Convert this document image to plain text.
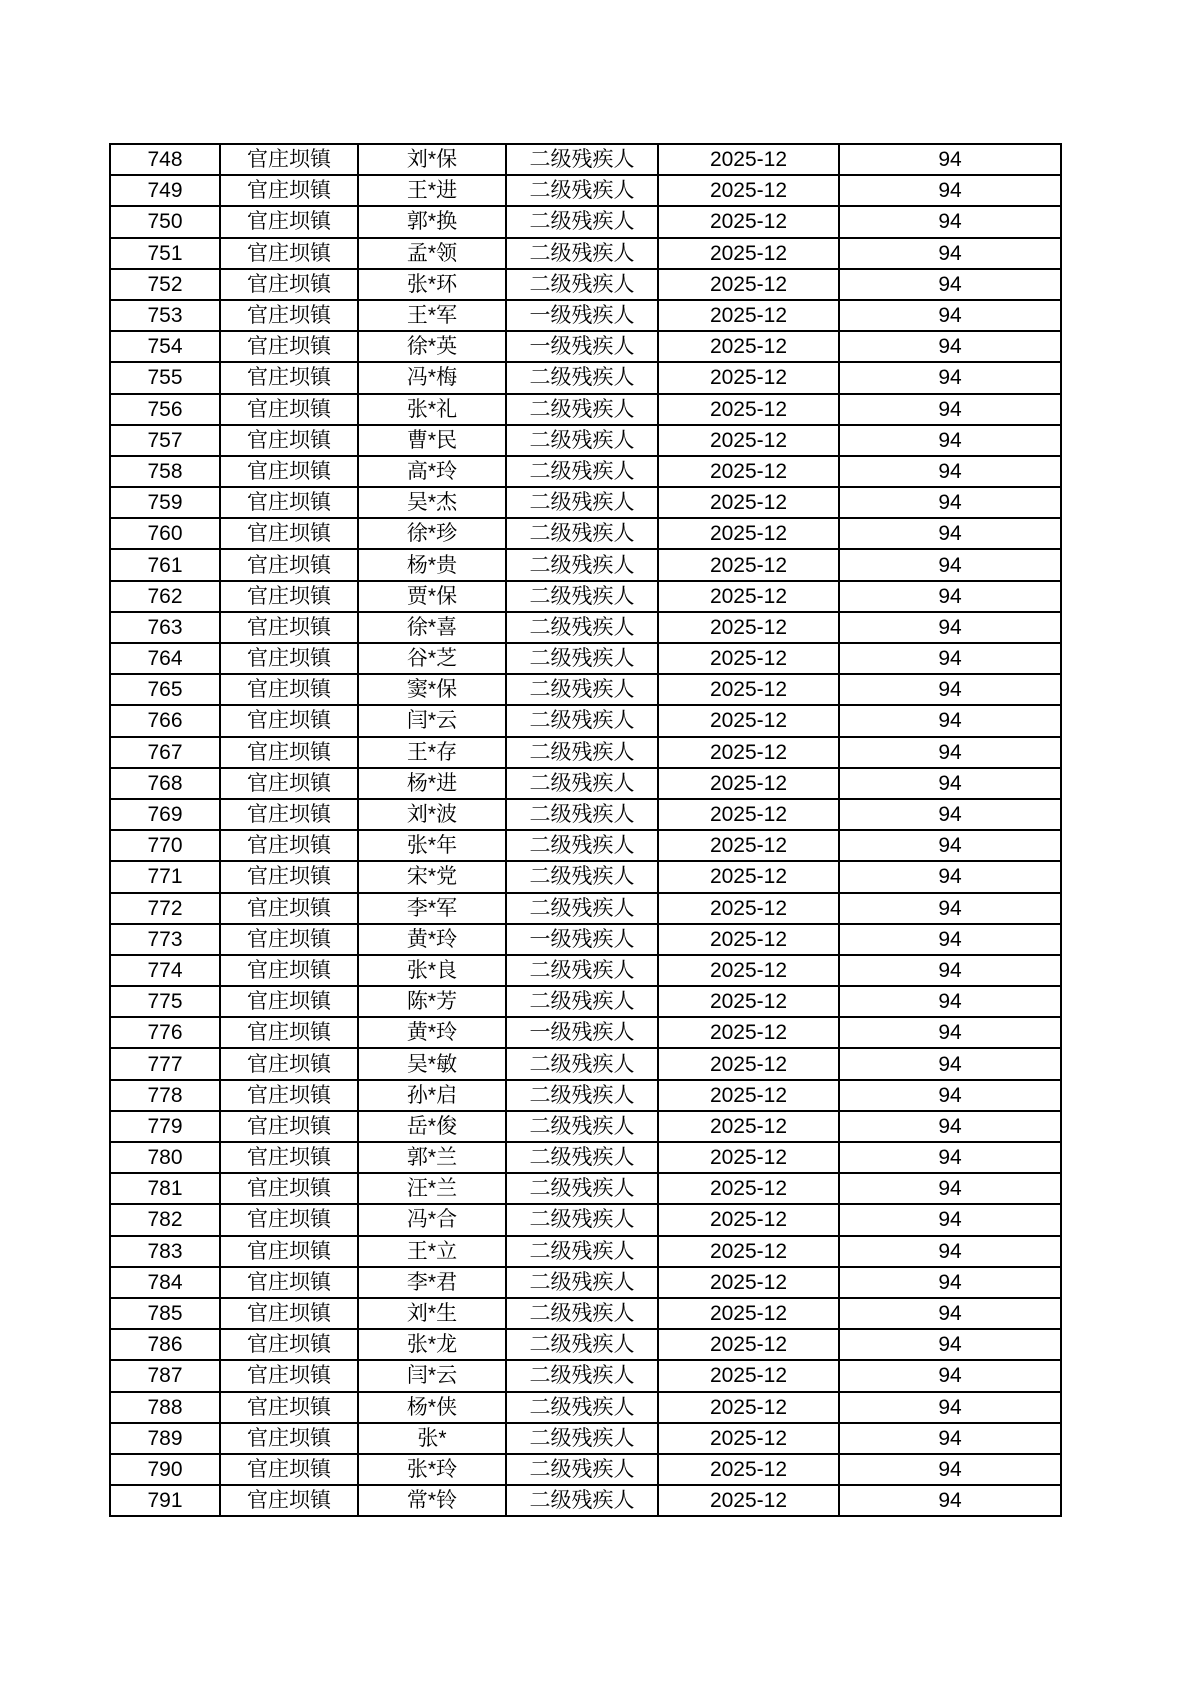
748	官庄坝镇	刘*保	二级残疾人	2025-12	94
749	官庄坝镇	王*进	二级残疾人	2025-12	94
750	官庄坝镇	郭*换	二级残疾人	2025-12	94
751	官庄坝镇	孟*领	二级残疾人	2025-12	94
752	官庄坝镇	张*环	二级残疾人	2025-12	94
753	官庄坝镇	王*军	一级残疾人	2025-12	94
754	官庄坝镇	徐*英	一级残疾人	2025-12	94
755	官庄坝镇	冯*梅	二级残疾人	2025-12	94
756	官庄坝镇	张*礼	二级残疾人	2025-12	94
757	官庄坝镇	曹*民	二级残疾人	2025-12	94
758	官庄坝镇	高*玲	二级残疾人	2025-12	94
759	官庄坝镇	吴*杰	二级残疾人	2025-12	94
760	官庄坝镇	徐*珍	二级残疾人	2025-12	94
761	官庄坝镇	杨*贵	二级残疾人	2025-12	94
762	官庄坝镇	贾*保	二级残疾人	2025-12	94
763	官庄坝镇	徐*喜	二级残疾人	2025-12	94
764	官庄坝镇	谷*芝	二级残疾人	2025-12	94
765	官庄坝镇	窦*保	二级残疾人	2025-12	94
766	官庄坝镇	闫*云	二级残疾人	2025-12	94
767	官庄坝镇	王*存	二级残疾人	2025-12	94
768	官庄坝镇	杨*进	二级残疾人	2025-12	94
769	官庄坝镇	刘*波	二级残疾人	2025-12	94
770	官庄坝镇	张*年	二级残疾人	2025-12	94
771	官庄坝镇	宋*党	二级残疾人	2025-12	94
772	官庄坝镇	李*军	二级残疾人	2025-12	94
773	官庄坝镇	黄*玲	一级残疾人	2025-12	94
774	官庄坝镇	张*良	二级残疾人	2025-12	94
775	官庄坝镇	陈*芳	二级残疾人	2025-12	94
776	官庄坝镇	黄*玲	一级残疾人	2025-12	94
777	官庄坝镇	吴*敏	二级残疾人	2025-12	94
778	官庄坝镇	孙*启	二级残疾人	2025-12	94
779	官庄坝镇	岳*俊	二级残疾人	2025-12	94
780	官庄坝镇	郭*兰	二级残疾人	2025-12	94
781	官庄坝镇	汪*兰	二级残疾人	2025-12	94
782	官庄坝镇	冯*合	二级残疾人	2025-12	94
783	官庄坝镇	王*立	二级残疾人	2025-12	94
784	官庄坝镇	李*君	二级残疾人	2025-12	94
785	官庄坝镇	刘*生	二级残疾人	2025-12	94
786	官庄坝镇	张*龙	二级残疾人	2025-12	94
787	官庄坝镇	闫*云	二级残疾人	2025-12	94
788	官庄坝镇	杨*侠	二级残疾人	2025-12	94
789	官庄坝镇	张*	二级残疾人	2025-12	94
790	官庄坝镇	张*玲	二级残疾人	2025-12	94
791	官庄坝镇	常*铃	二级残疾人	2025-12	94
